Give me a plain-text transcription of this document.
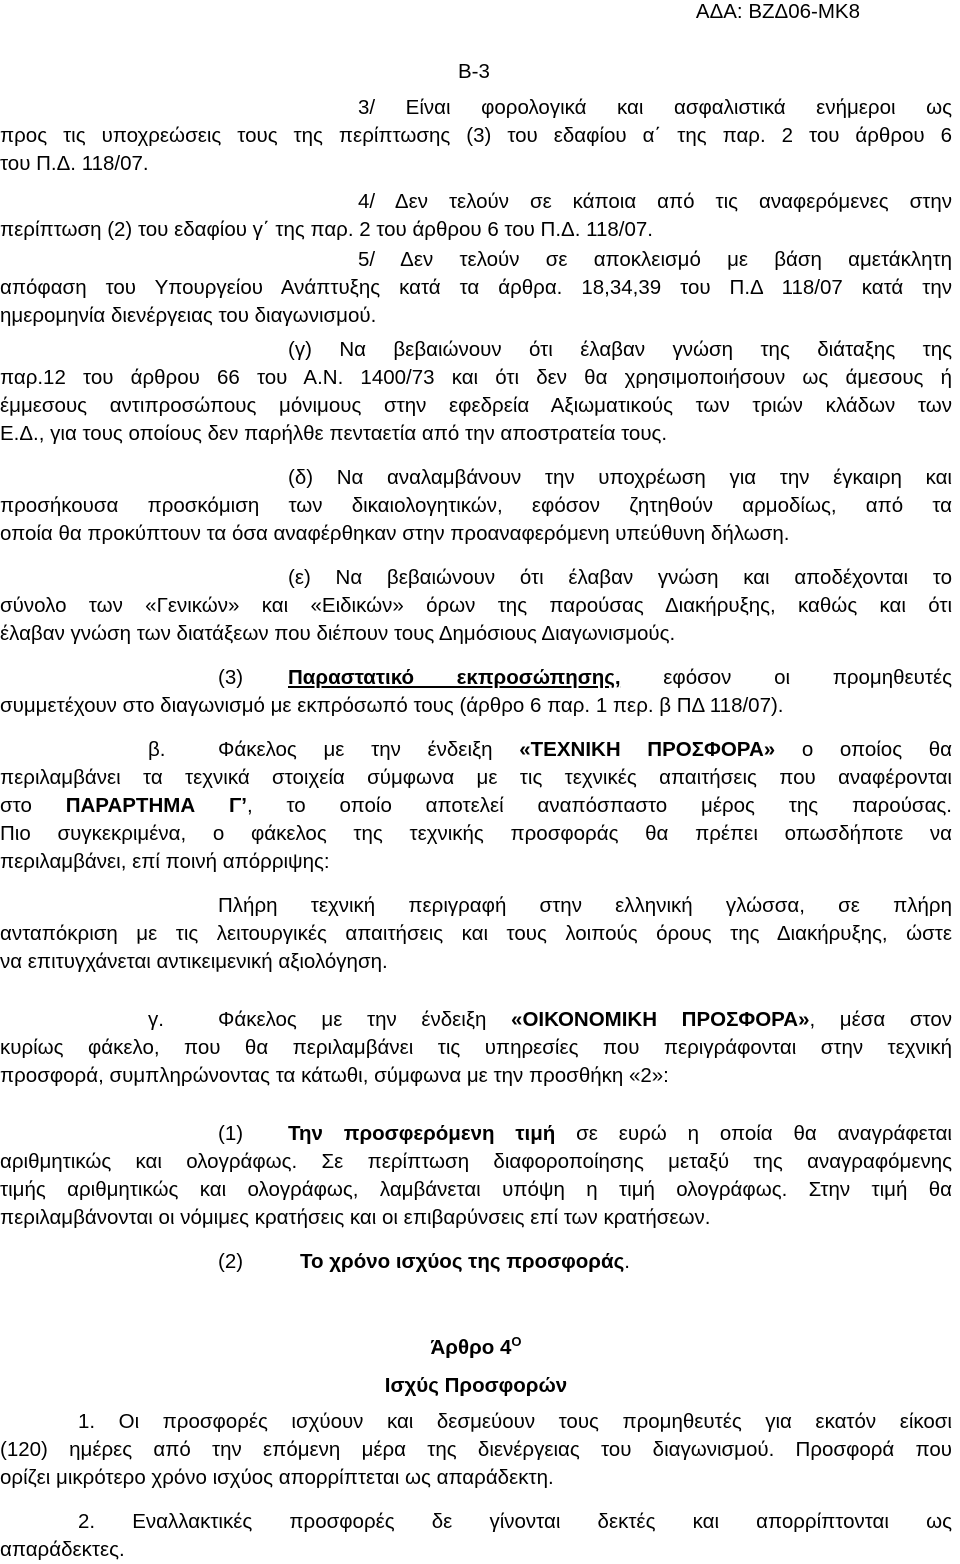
ΑΔΑ: ΒΖΔ06-ΜΚ8
Β-3

3/ Είναι φορολογικά και ασφαλιστικά ενήμεροι ως

προς τις υποχρεώσεις τους της περίπτωσης (3) του εδαφίου α΄ της παρ. 2 του άρθρου 6

του Π.Δ. 118/07.

4/ Δεν τελούν σε κάποια από τις αναφερόμενες στην

περίπτωση (2) του εδαφίου γ΄ της παρ. 2 του άρθρου 6 του Π.Δ. 118/07.

5/ Δεν τελούν σε αποκλεισμό με βάση αμετάκλητη

απόφαση του Υπουργείου Ανάπτυξης κατά τα άρθρα. 18,34,39 του Π.Δ 118/07 κατά την

ημερομηνία διενέργειας του διαγωνισμού.

(γ) Να βεβαιώνουν ότι έλαβαν γνώση της διάταξης της

παρ.12 του άρθρου 66 του Α.Ν. 1400/73 και ότι δεν θα χρησιμοποιήσουν ως άμεσους ή

έμμεσους αντιπροσώπους μόνιμους στην εφεδρεία Αξιωματικούς των τριών κλάδων των

Ε.Δ., για τους οποίους δεν παρήλθε πενταετία από την αποστρατεία τους.

(δ) Να αναλαμβάνουν την υποχρέωση για την έγκαιρη και

προσήκουσα προσκόμιση των δικαιολογητικών, εφόσον ζητηθούν αρμοδίως, από τα

οποία θα προκύπτουν τα όσα αναφέρθηκαν στην προαναφερόμενη υπεύθυνη δήλωση.

(ε) Να βεβαιώνουν ότι έλαβαν γνώση και αποδέχονται το

σύνολο των «Γενικών» και «Ειδικών» όρων της παρούσας Διακήρυξης, καθώς και ότι

έλαβαν γνώση των διατάξεων που διέπουν τους Δημόσιους Διαγωνισμούς.

(3) Παραστατικό εκπροσώπησης, εφόσον οι προμηθευτές

συμμετέχουν στο διαγωνισμό με εκπρόσωπό τους (άρθρο 6 παρ. 1 περ. β ΠΔ 118/07).

β.	Φάκελος με την ένδειξη «ΤΕΧΝΙΚΗ ΠΡΟΣΦΟΡΑ» ο οποίος θα

περιλαμβάνει τα τεχνικά στοιχεία σύμφωνα με τις τεχνικές απαιτήσεις που αναφέρονται

στο ΠΑΡΑΡΤΗΜΑ Γ’, το οποίο αποτελεί αναπόσπαστο μέρος της παρούσας.

Πιο συγκεκριμένα, ο φάκελος της τεχνικής προσφοράς θα πρέπει οπωσδήποτε να

περιλαμβάνει, επί ποινή απόρριψης:

Πλήρη τεχνική περιγραφή στην ελληνική γλώσσα, σε πλήρη

ανταπόκριση με τις λειτουργικές απαιτήσεις και τους λοιπούς όρους της Διακήρυξης, ώστε

να επιτυγχάνεται αντικειμενική αξιολόγηση.

γ.	Φάκελος με την ένδειξη «ΟΙΚΟΝΟΜΙΚΗ ΠΡΟΣΦΟΡΑ», μέσα στον

κυρίως φάκελο, που θα περιλαμβάνει τις υπηρεσίες που περιγράφονται στην τεχνική

προσφορά, συμπληρώνοντας τα κάτωθι, σύμφωνα με την προσθήκη «2»:

(1) Την προσφερόμενη τιμή σε ευρώ η οποία θα αναγράφεται

αριθμητικώς και ολογράφως. Σε περίπτωση διαφοροποίησης μεταξύ της αναγραφόμενης

τιμής αριθμητικώς και ολογράφως, λαμβάνεται υπόψη η τιμή ολογράφως. Στην τιμή θα

περιλαμβάνονται οι νόμιμες κρατήσεις και οι επιβαρύνσεις επί των κρατήσεων.

(2)	Το χρόνο ισχύος της προσφοράς.

Άρθρο $4^O$

Ισχύς Προσφορών

1. Οι προσφορές ισχύουν και δεσμεύουν τους προμηθευτές για εκατόν είκοσι

(120) ημέρες από την επόμενη μέρα της διενέργειας του διαγωνισμού. Προσφορά που

ορίζει μικρότερο χρόνο ισχύος απορρίπτεται ως απαράδεκτη.

2. Εναλλακτικές προσφορές δε γίνονται δεκτές και απορρίπτονται ως

απαράδεκτες.
